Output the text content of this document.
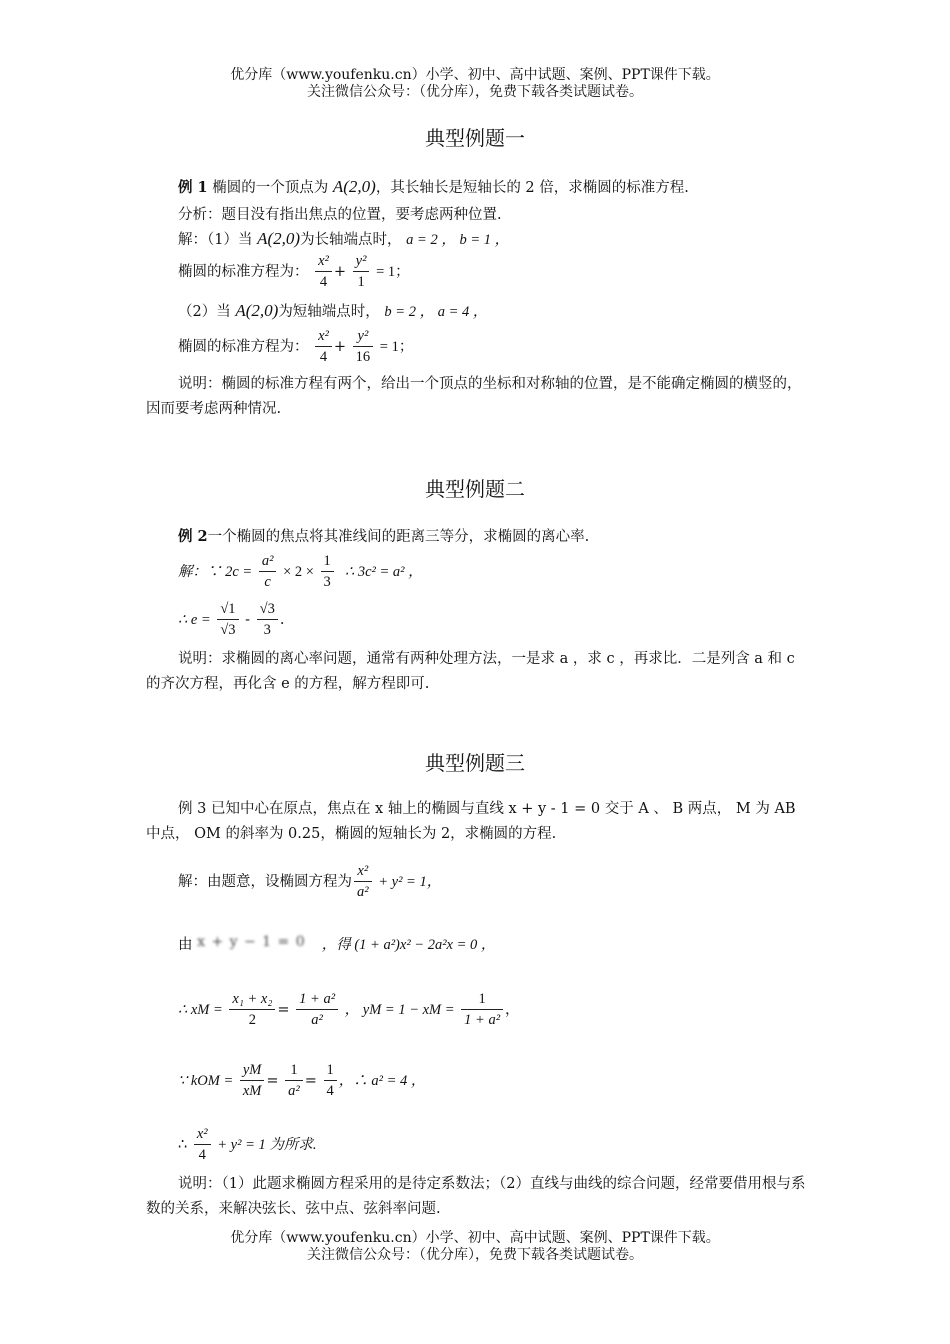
优分库（www.youfenku.cn）小学、初中、高中试题、案例、PPT课件下载。
关注微信公众号：（优分库），免费下载各类试题试卷。
典型例题一
例 1 椭圆的一个顶点为 A(2,0)，其长轴长是短轴长的 2 倍，求椭圆的标准方程.
分析：题目没有指出焦点的位置，要考虑两种位置.
解：（1）当 A(2,0)为长轴端点时， a = 2 ， b = 1 ，
椭圆的标准方程为： $\frac{\text{x²}}{4} + \frac{\text{y²}}{1} = 1$；
（2）当 A(2,0)为短轴端点时， b = 2 ， a = 4 ，
椭圆的标准方程为： $\frac{\text{x²}}{4} + \frac{\text{y²}}{16} = 1$；
说明：椭圆的标准方程有两个，给出一个顶点的坐标和对称轴的位置，是不能确定椭圆的横竖的，因而要考虑两种情况.
典型例题二
例 2一个椭圆的焦点将其准线间的距离三等分，求椭圆的离心率.
解：∵ $2c = \frac{\text{a²}}{c} \times 2 \times \frac{1}{3}$ ∴ 3c² = a² ，
∴ $e = \frac{√1}{√3} - \frac{√3}{3}$ .
说明：求椭圆的离心率问题，通常有两种处理方法，一是求 a ，求 c ，再求比．二是列含 a 和 c 的齐次方程，再化含 e 的方程，解方程即可.
典型例题三
例 3 已知中心在原点，焦点在 x 轴上的椭圆与直线 x + y - 1 = 0 交于 A 、 B 两点， M 为 AB 中点， OM 的斜率为 0.25，椭圆的短轴长为 2，求椭圆的方程.
解：由题意，设椭圆方程为 $\frac{\text{x²}}{\text{a²}} + y^2 = 1$，
由 x + y − 1 = 0 ，得 (1 + a²)x² − 2a²x = 0 ，
∴ xM = $\frac{\text{x₁ + x₂}}{2} = \frac{\text{1 + a²}}{\text{a²}}$ ， yM = 1 − xM = $\frac{1}{\text{1 + a²}}$ ，
∵ kOM = $\frac{yM}{xM} = \frac{1}{\text{a²}} = \frac{1}{4}$ ，∴ a² = 4 ，
∴ $\frac{\text{x²}}{4} + y^2 = 1$ 为所求.
说明：（1）此题求椭圆方程采用的是待定系数法；（2）直线与曲线的综合问题，经常要借用根与系数的关系，来解决弦长、弦中点、弦斜率问题.
优分库（www.youfenku.cn）小学、初中、高中试题、案例、PPT课件下载。
关注微信公众号：（优分库），免费下载各类试题试卷。
